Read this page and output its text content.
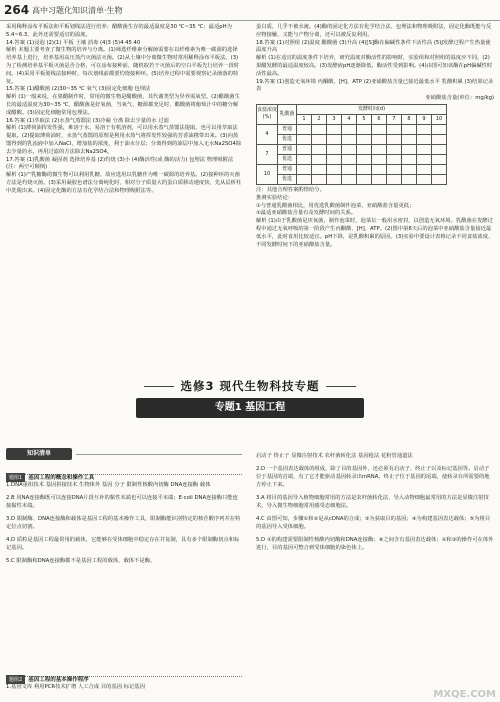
264 高中习题化知识清单·生物

采用稀释涂布平板法和平板划线法进行培养；醋酸菌生存的最适温度是30 ℃~35 ℃；最适pH为5.4~6.3，此外还需要适宜的温度。

14.答案 (1)浸泡 (2)(1) 平板 土壤 消毒 (4)3 (5)4 45 40

解析 本题主要考查了微生物的培养与分离。(1)筛选纤维素分解菌需要在以纤维素为唯一碳源的选择培养基上进行，培养基用高压蒸汽灭菌法灭菌。(2)从土壤中分离微生物时常用稀释涂布平板法。(3)为了检测培养基平板灭菌是否合格，可在涂布接种前，随机取若干灭菌后的空白平板先行培养一段时间。(4)采用平板划线法接种时，每次划线前都要灼烧接种环。(5)培养过程中需要观察记录菌落的特征。

15.答案 (1)醋酸菌 (2)30~35 ℃ 氧气 (3)固定化细胞 包埋法

解析 (1)一般来说，在果醋制作时，常用的微生物是醋酸菌，其代谢类型为异养需氧型。(2)醋酸菌生长的最适温度为30~35 ℃，醋酸菌是好氧菌，当氧气、糖源都充足时，醋酸菌将葡萄汁中的糖分解成醋酸。(3)固定化细胞常用包埋法。

16.答案 (1)萃取法 (2)水蒸气蒸馏法 (3)冷凝 分离 除去少量的水 过滤

解析 (1)薄荷油挥发性强，难溶于水，易溶于有机溶剂，可以用水蒸气蒸馏法提取，也可以用萃取法提取。(2)提取薄荷油时，水蒸气蒸馏的原理是利用水蒸气将挥发性较强的芳香油携带出来。(3)向蒸馏得到的乳浊液中加入NaCl，增加盐的浓度，利于油水分层；分离得到的油层中加入无水Na2SO4除去少量的水，再用过滤的方法除去Na2SO4。

17.答案 (1)乳酸菌 凝固剂 选择培养基 (2)灼烧 (3)小 (4)酶活性(或 酶的活力) 包埋法 物理吸附法(注：两空可颠倒)

解析 (1)产乳糖酶的微生物可以利用乳糖，故应选用以乳糖作为唯一碳源的培养基。(2)接种环的灭菌方法是灼烧灭菌。(3)采用凝胶色谱法分离纯化时，相对分子质量大的蛋白质移动速度快，先从层析柱中洗脱出来。(4)固定化酶的方法有化学结合法和物理吸附法等。

蛋白质，几乎不被水淹。(4)酶的固定化方法有化学结合法、包埋法和物理吸附法，固定化酶既能与反应物接触，又能与产物分离，还可以被反复利用。

18.答案 (1)对照组 (2)温度 醋酸菌 (3)升高 (4)[S]酶在偏碱性条件下活性高 (5)J发酵过程产生热量使温度升高

解析 (1)在适宜的温度条件下培养，研究温度对酶活性的影响时，实验组和对照组的温度应不同。(2)果醋发酵的最适温度较高。(3)发酵液pH逐渐降低，酶活性受到影响。(4)由图可知该酶在pH偏碱性时活性最高。

19.答案 (1)创造无氧环境 丙酮酸、[H]、ATP (2)亚硝酸盐含量已接近最低水平 乳酸积累 (3)结果记录表

亚硝酸盐含量(单位：mg/kg)
食盐浓度(%)	乳酸菌	发酵时间(d)									
		1	2	3	4	5	6	7	8	9	10
4	普通										
	优选										
7	普通										
	优选										
10	普通										
	优选										

注：其他合理答案酌情给分。

推测实验结论：

①与普通乳酸菌相比，用优选乳酸菌制作泡菜，亚硝酸盐含量更低；

②最适亚硝酸盐含量有及发酵时间的关系。

解析 (1)由于乳酸菌是厌氧菌，制作泡菜时，泡菜坛一般用水密封，以创造无氧环境。乳酸菌在发酵过程中通过无氧呼吸的第一阶段产生丙酮酸、[H]、ATP。(2)图中第8天后的泡菜中亚硝酸盐含量接近最低水平，此时食用比较适宜。pH下降，是乳酸积累的原因。(3)实验中要设计表格记录不同食盐浓度、不同发酵时间下的亚硝酸盐含量。

选修3 现代生物科技专题
专题1 基因工程
知识清单
题组1 基因工程的概念和操作工具

1.DNA重组技术 基因拼接技术 生物体外 基因 分子 限制性核酸内切酶 DNA连接酶 载体

2.B 用NA连接酶既可以连接DNA片段互补的黏性末端也可以连接平末端；E·coli DNA连接酶只能连接黏性末端。

3.D 限制酶、DNA连接酶和载体是基因工程的基本操作工具，限制酶能识别特定的核苷酸序列并在特定位点切割。

4.D 质粒是基因工程最常用的载体，它能够在受体细胞中稳定存在并复制，具有多个限制酶切点和标记基因。

5.C 限制酶和DNA连接酶都不是基因工程的载体，载体不是酶。

题组2 基因工程的基本操作程序

1.基因文库 利用PCR技术扩增 人工合成 目的基因 标记基因

启动子 终止子 显微注射技术 农杆菌转化法 基因枪法 花粉管通道法

2.D 一个基因表达载体的组成，除了目的基因外，还必须有启动子、终止子以及标记基因等。启动子位于基因的首端，有了它才能驱动基因转录出mRNA。终止子位于基因的尾端，使转录在所需要的地方停止下来。

3.A 将目的基因导入植物细胞常用的方法是农杆菌转化法，导入动物细胞最常用的方法是显微注射技术，导入微生物细胞常用感受态细胞法。

4.C 由图可知，步骤①和②是从cDNA的合成；③为获取目的基因；④为构建基因表达载体；⑤为将目的基因导入受体细胞。

5.D ②的构建需要限制性核酸内切酶和DNA连接酶；⑧之间含有基因表达载体；②和③的操作可在体外进行，目的基因可整合到受体细胞的染色体上。

MXQE.COM
